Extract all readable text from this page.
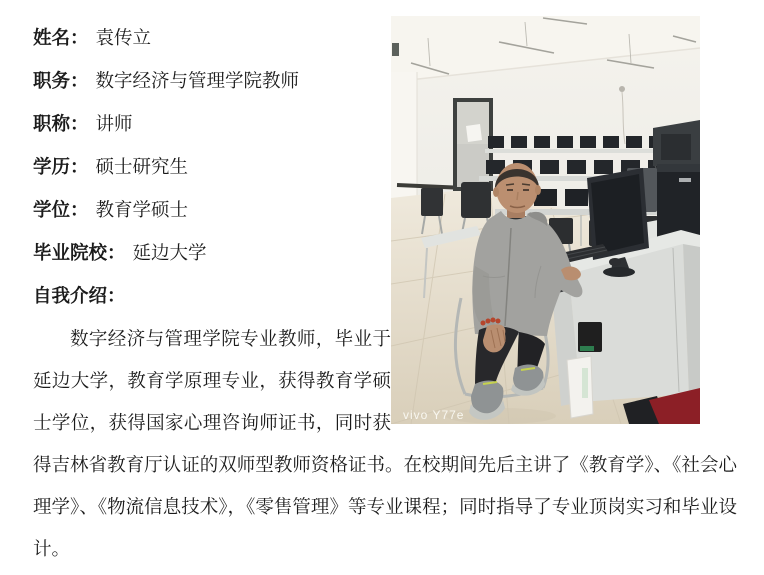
vivo Y77e
姓名： 袁传立
职务： 数字经济与管理学院教师
职称： 讲师
学历： 硕士研究生
学位： 教育学硕士
毕业院校： 延边大学
自我介绍：

数字经济与管理学院专业教师，毕业于延边大学，教育学原理专业，获得教育学硕士学位，获得国家心理咨询师证书，同时获得吉林省教育厅认证的双师型教师资格证书。在校期间先后主讲了《教育学》、《社会心理学》、《物流信息技术》，《零售管理》等专业课程；同时指导了专业顶岗实习和毕业设计。
